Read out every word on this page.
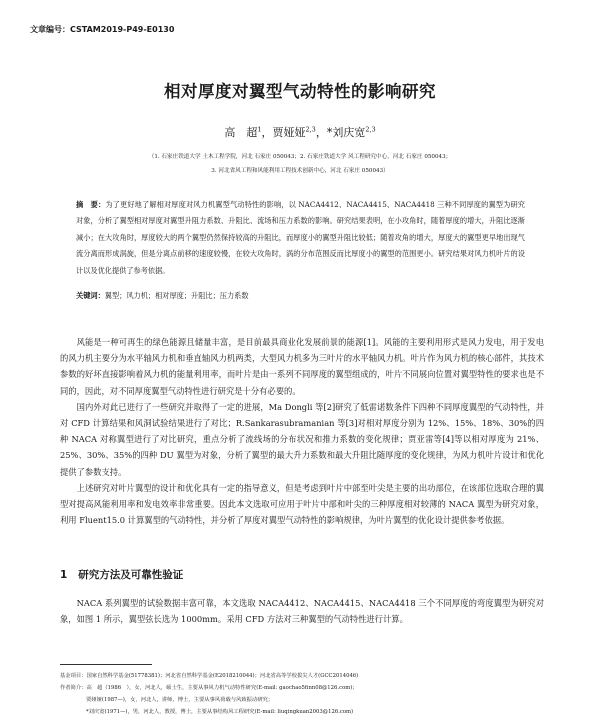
文章编号：CSTAM2019-P49-E0130
相对厚度对翼型气动特性的影响研究
高　超$^1$，贾娅娅$^{2,3}$，*刘庆宽$^{2,3}$
（1. 石家庄铁道大学 土木工程学院，河北 石家庄 050043；2. 石家庄铁道大学 风工程研究中心，河北 石家庄 050043；
3. 河北省风工程和风能利用工程技术创新中心，河北 石家庄 050043）
摘　要：为了更好地了解相对厚度对风力机翼型气动特性的影响，以 NACA4412、NACA4415、NACA4418 三种不同厚度的翼型为研究对象，分析了翼型相对厚度对翼型升阻力系数、升阻比、流场和压力系数的影响。研究结果表明，在小攻角时，随着厚度的增大，升阻比逐渐减小；在大攻角时，厚度较大的两个翼型仍然保持较高的升阻比，而厚度小的翼型升阻比较低；随着攻角的增大，厚度大的翼型更早地出现气流分离而形成涡旋，但是分离点前移的速度较慢，在较大攻角时，涡的分布范围反而比厚度小的翼型的范围更小。研究结果对风力机叶片的设计以及优化提供了参考依据。
关键词：翼型；风力机；相对厚度；升阻比；压力系数

风能是一种可再生的绿色能源且储量丰富，是目前最具商业化发展前景的能源[1]。风能的主要利用形式是风力发电，用于发电的风力机主要分为水平轴风力机和垂直轴风力机两类，大型风力机多为三叶片的水平轴风力机。叶片作为风力机的核心部件，其技术参数的好坏直接影响着风力机的能量利用率，而叶片是由一系列不同厚度的翼型组成的，叶片不同展向位置对翼型特性的要求也是不同的，因此，对不同厚度翼型气动特性进行研究是十分有必要的。

国内外对此已进行了一些研究并取得了一定的进展，Ma Dongli 等[2]研究了低雷诺数条件下四种不同厚度翼型的气动特性，并对 CFD 计算结果和风洞试验结果进行了对比；R.Sankarasubramanian 等[3]对相对厚度分别为 12%、15%、18%、30%的四种 NACA 对称翼型进行了对比研究，重点分析了流线场的分布状况和推力系数的变化规律；贾亚雷等[4]等以相对厚度为 21%、25%、30%、35%的四种 DU 翼型为对象，分析了翼型的最大升力系数和最大升阻比随厚度的变化规律，为风力机叶片设计和优化提供了参数支持。

上述研究对叶片翼型的设计和优化具有一定的指导意义，但是考虑到叶片中部至叶尖是主要的出功部位，在该部位选取合理的翼型对提高风能利用率和发电效率非常重要。因此本文选取可应用于叶片中部和叶尖的三种厚度相对较薄的 NACA 翼型为研究对象，利用 Fluent15.0 计算翼型的气动特性，并分析了厚度对翼型气动特性的影响规律，为叶片翼型的优化设计提供参考依据。

1 研究方法及可靠性验证

NACA 系列翼型的试验数据丰富可靠，本文选取 NACA4412、NACA4415、NACA4418 三个不同厚度的弯度翼型为研究对象，如图 1 所示，翼型弦长选为 1000mm。采用 CFD 方法对三种翼型的气动特性进行计算。

基金项目：国家自然科学基金(51778381)；河北省自然科学基金(E2018210044)；河北省高等学校拔尖人才(GCC2014046)
作者简介：高　超（1986　），女，河北人，硕士生，主要从事风力机气动特性研究(E-mail: gaochao5finn08@126.com)；
贾娅娅(1987—)，女，河北人，讲师，博士，主要从事风荷载与风致振动研究；
*刘庆宽(1971—)，男，河北人，教授，博士，主要从事结构风工程研究(E-mail: liuqingkuan2003@126.com)
